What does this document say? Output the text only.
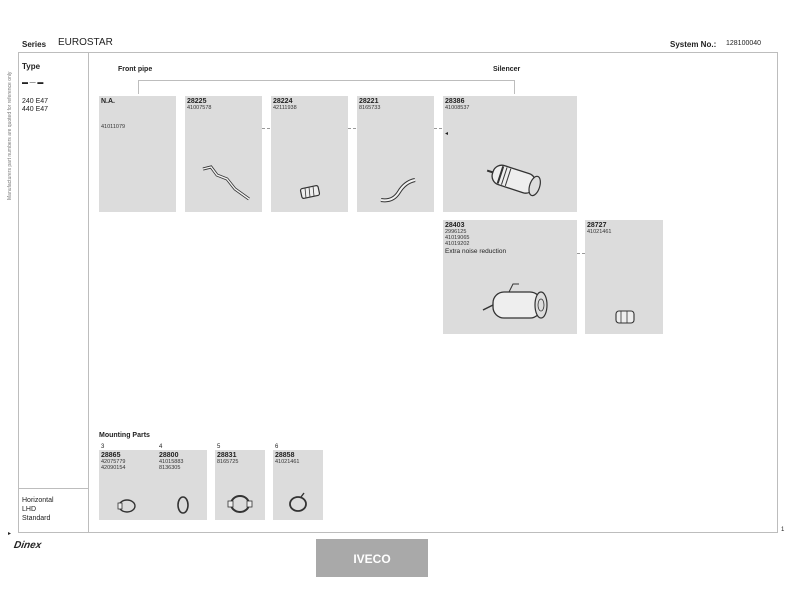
Series EUROSTAR	System No.: 128100040
Manufacturers part numbers are quoted for reference only
Type
▬ — ▬
240 E47
440 E47
Horizontal
LHD
Standard
Front pipe	Silencer
N.A.
41011079
28225
41007578
28224
42111938
28221
8165733
28386
41008537
◂
28403
2996125
41019065
41019202
Extra noise reduction
28727
41021461
Mounting Parts
3
28865
42075779
42090154
4
28800
41015883
8136305
5
28831
8165725
6
28858
41021461
1
▸
Dinex
IVECO
